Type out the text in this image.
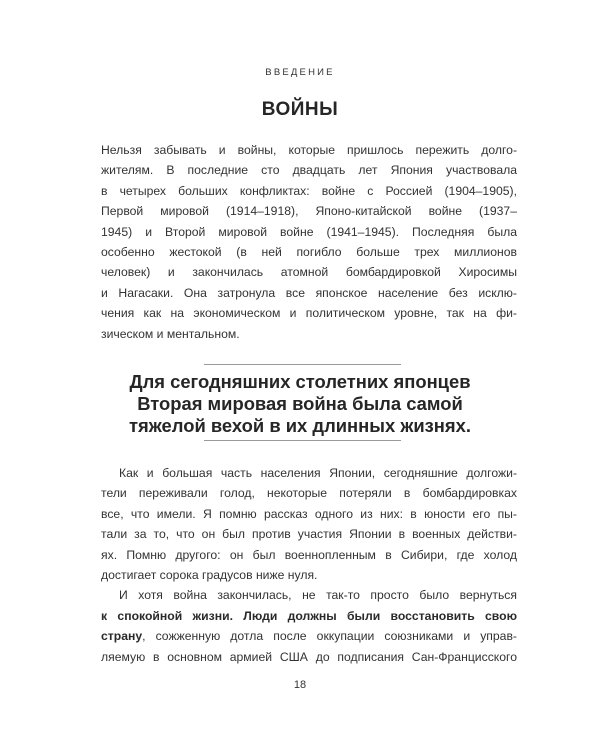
ВВЕДЕНИЕ
ВОЙНЫ
Нельзя забывать и войны, которые пришлось пережить долго-
жителям. В последние сто двадцать лет Япония участвовала
в четырех больших конфликтах: войне с Россией (1904–1905),
Первой мировой (1914–1918), Японо-китайской войне (1937–
1945) и Второй мировой войне (1941–1945). Последняя была
особенно жестокой (в ней погибло больше трех миллионов
человек) и закончилась атомной бомбардировкой Хиросимы
и Нагасаки. Она затронула все японское население без исклю-
чения как на экономическом и политическом уровне, так на фи-
зическом и ментальном.
Для сегодняшних столетних японцев
Вторая мировая война была самой
тяжелой вехой в их длинных жизнях.
Как и большая часть населения Японии, сегодняшние долгожи-
тели переживали голод, некоторые потеряли в бомбардировках
все, что имели. Я помню рассказ одного из них: в юности его пы-
тали за то, что он был против участия Японии в военных действи-
ях. Помню другого: он был военнопленным в Сибири, где холод
достигает сорока градусов ниже нуля.
И хотя война закончилась, не так-то просто было вернуться
к спокойной жизни. Люди должны были восстановить свою
страну, сожженную дотла после оккупации союзниками и управ-
ляемую в основном армией США до подписания Сан-Франциcского
18
